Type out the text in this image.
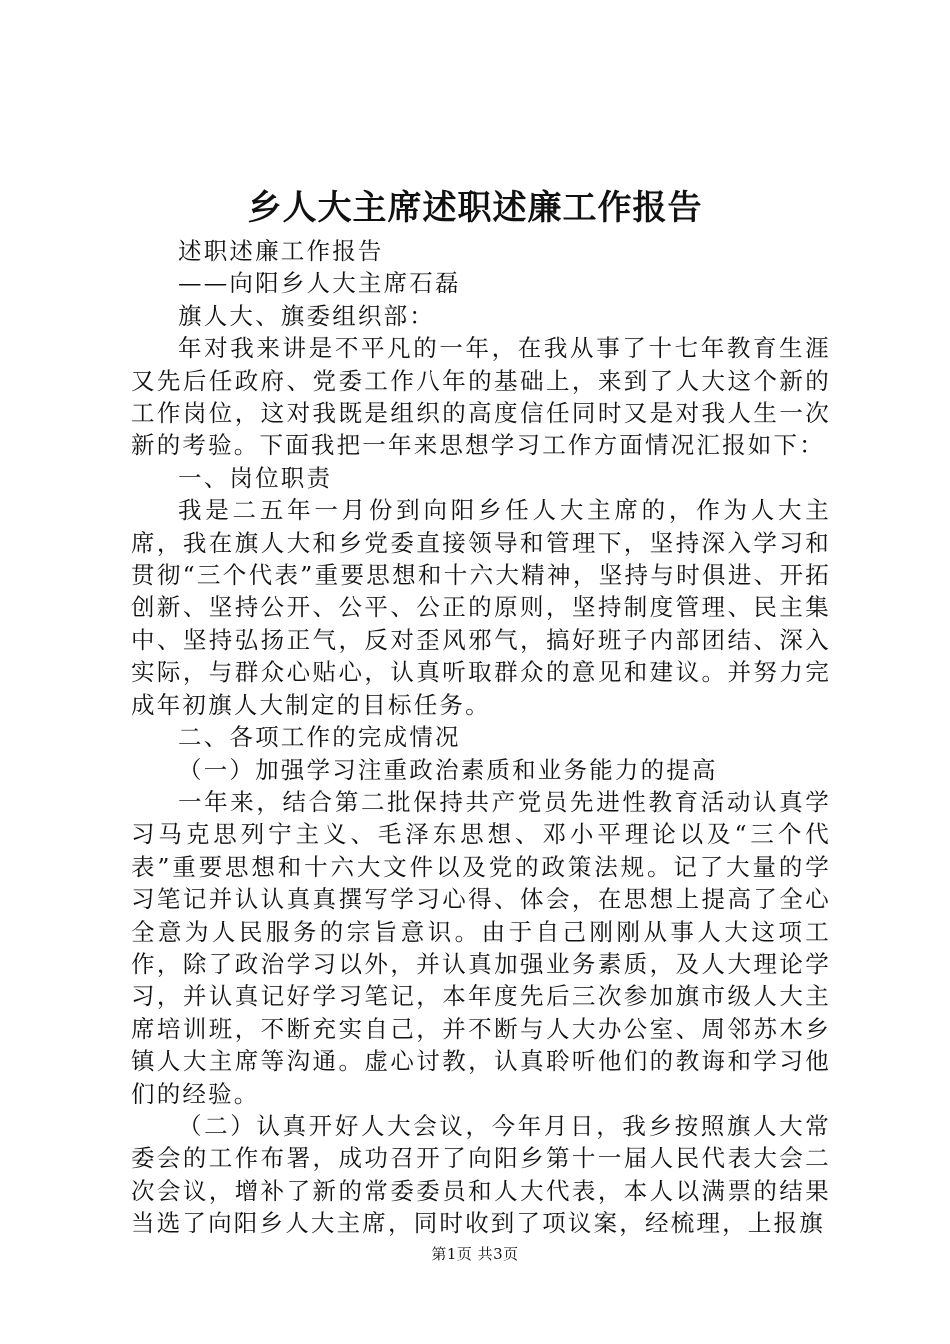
乡人大主席述职述廉工作报告

述职述廉工作报告

——向阳乡人大主席石磊

旗人大、旗委组织部：

年对我来讲是不平凡的一年，在我从事了十七年教育生涯又先后任政府、党委工作八年的基础上，来到了人大这个新的工作岗位，这对我既是组织的高度信任同时又是对我人生一次新的考验。下面我把一年来思想学习工作方面情况汇报如下：

一、岗位职责

我是二五年一月份到向阳乡任人大主席的，作为人大主席，我在旗人大和乡党委直接领导和管理下，坚持深入学习和贯彻“三个代表”重要思想和十六大精神，坚持与时俱进、开拓创新、坚持公开、公平、公正的原则，坚持制度管理、民主集中、坚持弘扬正气，反对歪风邪气，搞好班子内部团结、深入实际，与群众心贴心，认真听取群众的意见和建议。并努力完成年初旗人大制定的目标任务。

二、各项工作的完成情况

（一）加强学习注重政治素质和业务能力的提高

一年来，结合第二批保持共产党员先进性教育活动认真学习马克思列宁主义、毛泽东思想、邓小平理论以及“三个代表”重要思想和十六大文件以及党的政策法规。记了大量的学习笔记并认认真真撰写学习心得、体会，在思想上提高了全心全意为人民服务的宗旨意识。由于自己刚刚从事人大这项工作，除了政治学习以外，并认真加强业务素质，及人大理论学习，并认真记好学习笔记，本年度先后三次参加旗市级人大主席培训班，不断充实自己，并不断与人大办公室、周邻苏木乡镇人大主席等沟通。虚心讨教，认真聆听他们的教诲和学习他们的经验。

（二）认真开好人大会议，今年月日，我乡按照旗人大常委会的工作布署，成功召开了向阳乡第十一届人民代表大会二次会议，增补了新的常委委员和人大代表，本人以满票的结果当选了向阳乡人大主席，同时收到了项议案，经梳理，上报旗

第1页 共3页
